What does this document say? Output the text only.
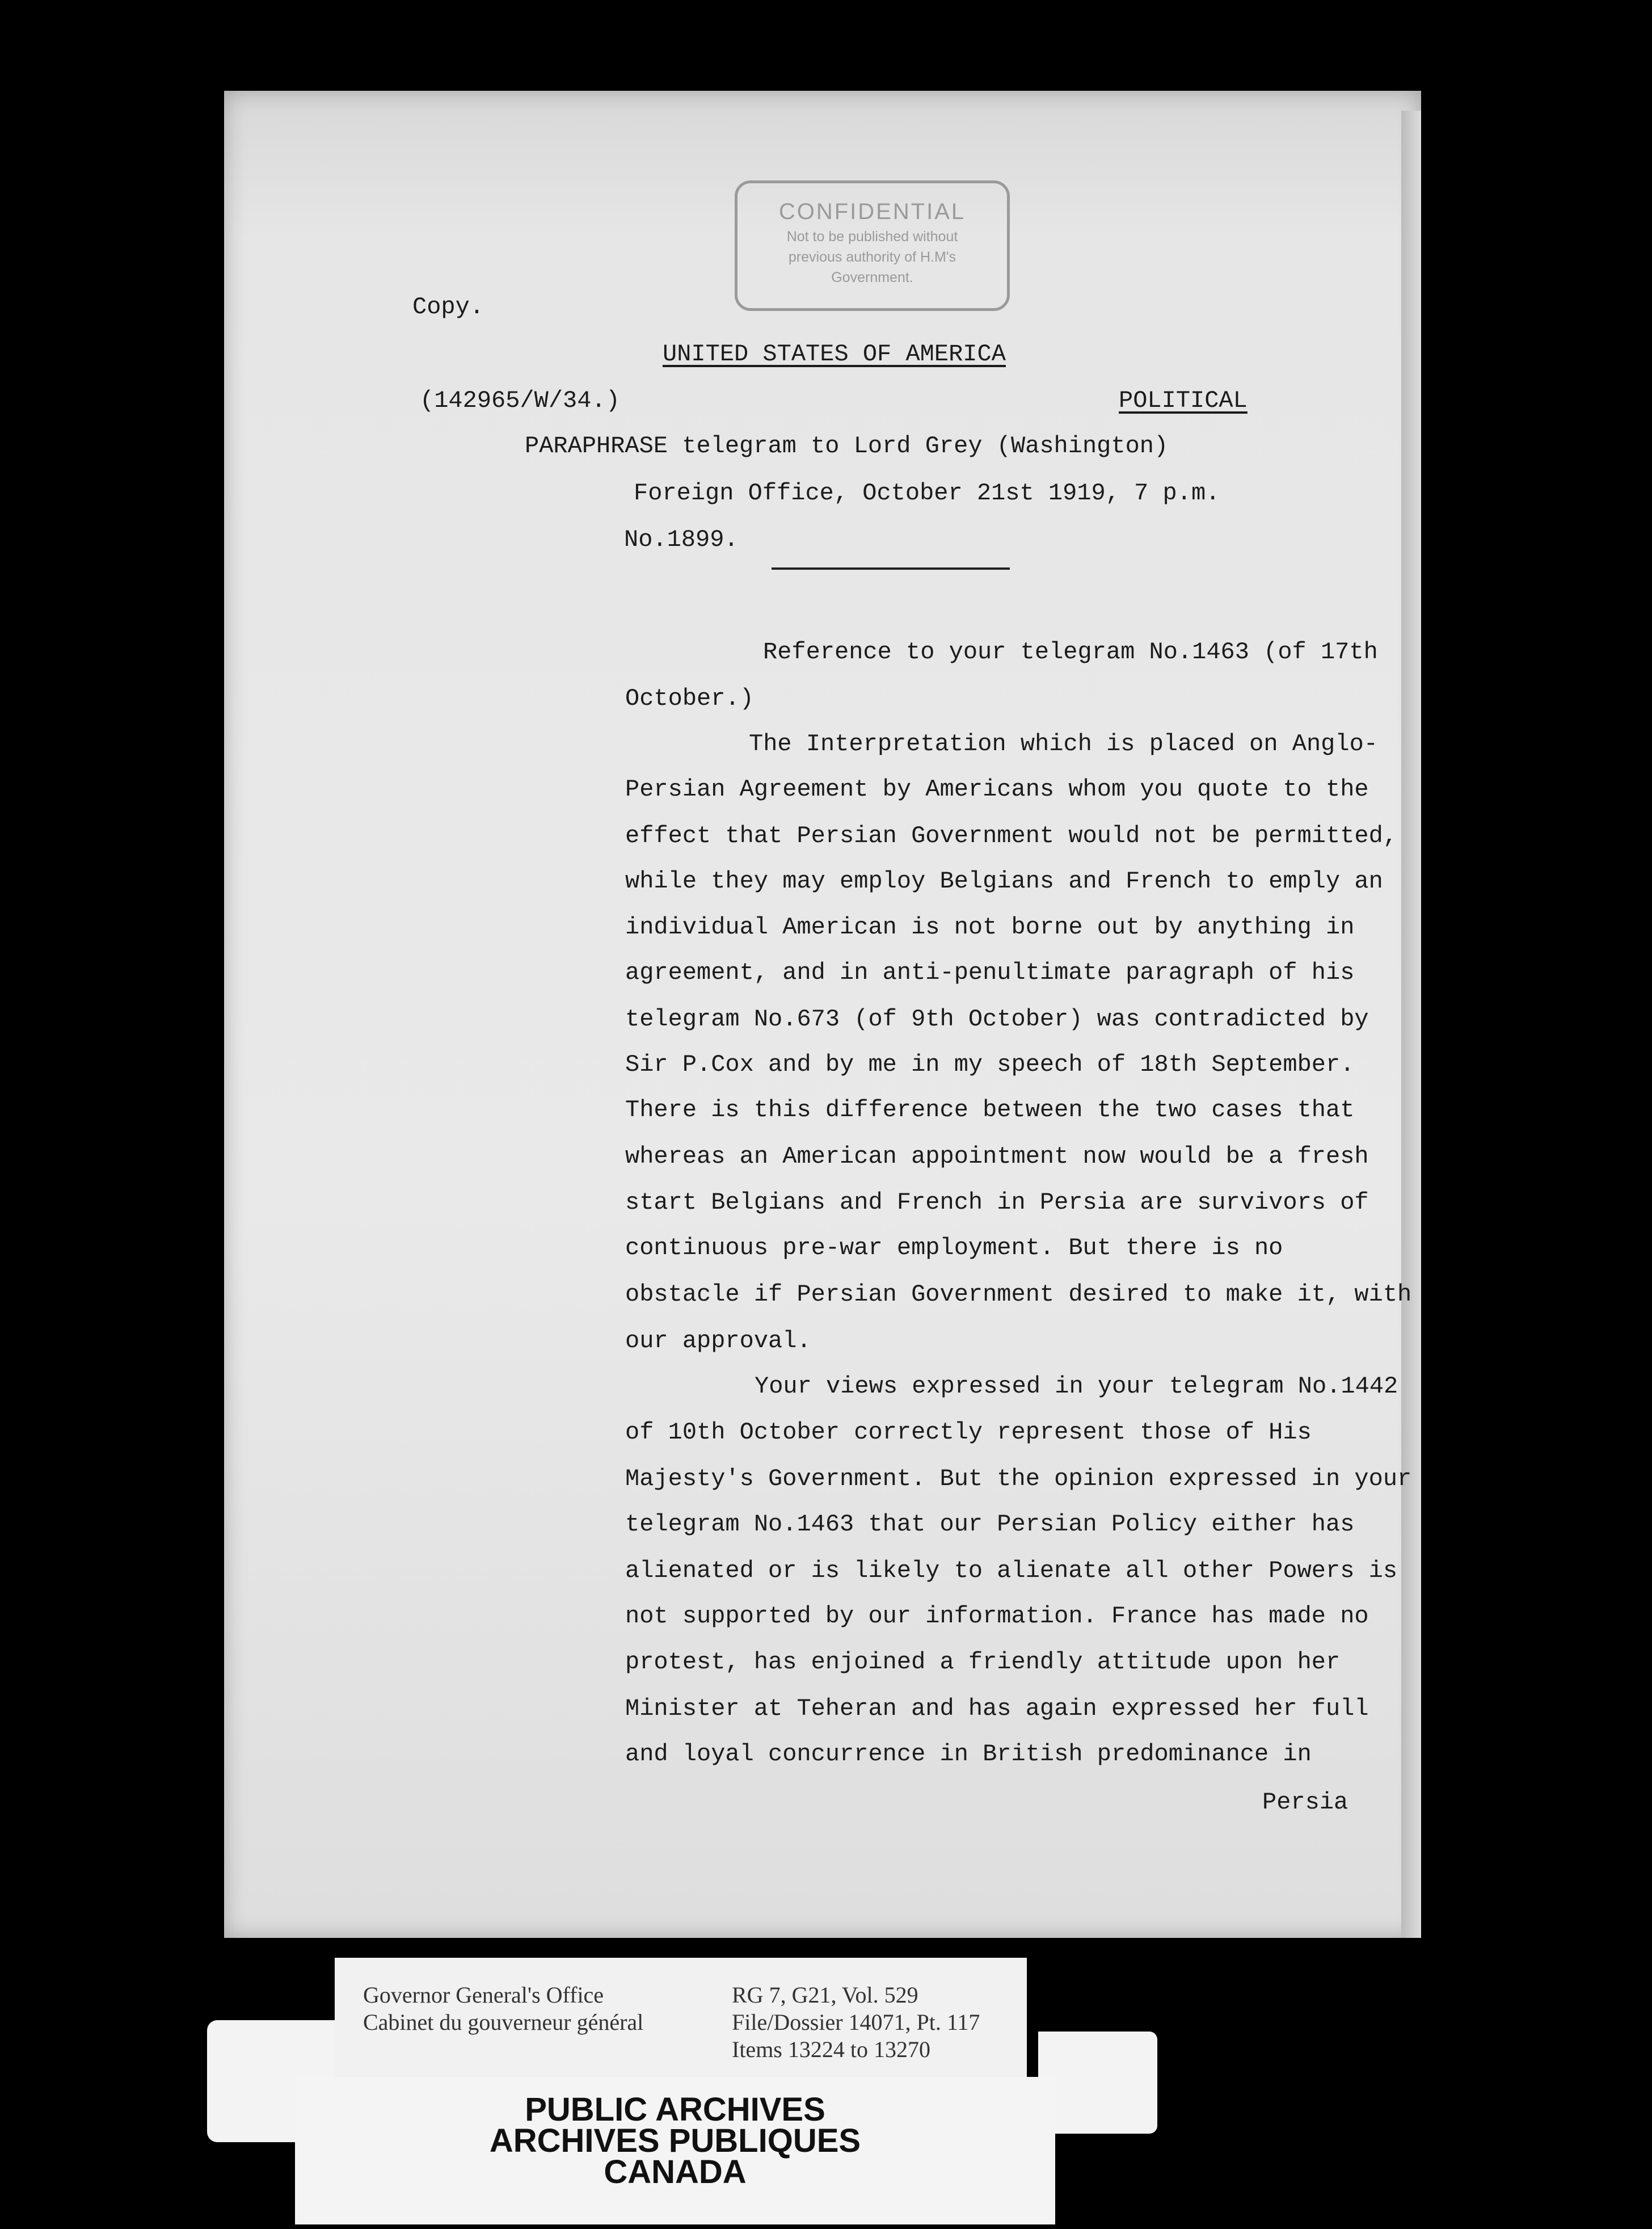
CONFIDENTIAL
Not to be published without
previous authority of H.M's
Government.
Copy.
UNITED STATES OF AMERICA
(142965/W/34.)	POLITICAL
PARAPHRASE telegram to Lord Grey (Washington)
Foreign Office, October 21st 1919, 7 p.m.
No.1899.
Reference to your telegram No.1463 (of 17th
October.)
The Interpretation which is placed on Anglo-
Persian Agreement by Americans whom you quote to the
effect that Persian Government would not be permitted,
while they may employ Belgians and French to emply an
individual American is not borne out by anything in
agreement, and in anti-penultimate paragraph of his
telegram No.673 (of 9th October) was contradicted by
Sir P.Cox and by me in my speech of 18th September.
There is this difference between the two cases that
whereas an American appointment now would be a fresh
start Belgians and French in Persia are survivors of
continuous pre-war employment. But there is no
obstacle if Persian Government desired to make it, with
our approval.
Your views expressed in your telegram No.1442
of 10th October correctly represent those of His
Majesty's Government. But the opinion expressed in your
telegram No.1463 that our Persian Policy either has
alienated or is likely to alienate all other Powers is
not supported by our information. France has made no
protest, has enjoined a friendly attitude upon her
Minister at Teheran and has again expressed her full
and loyal concurrence in British predominance in
Persia
Governor General's Office
Cabinet du gouverneur général
RG 7, G21, Vol. 529
File/Dossier 14071, Pt. 117
Items 13224 to 13270
PUBLIC ARCHIVES
ARCHIVES PUBLIQUES
CANADA
